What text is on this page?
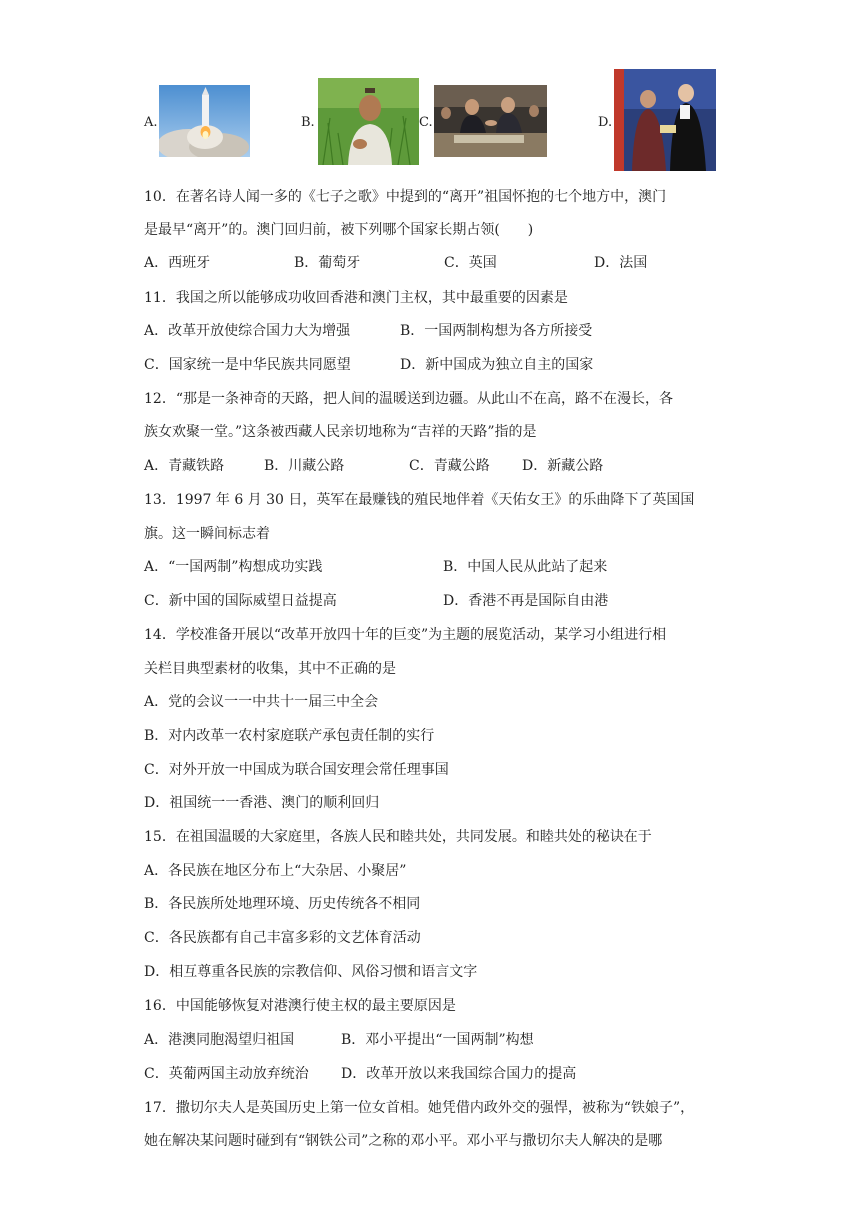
A.	B.	C.	D.
10．在著名诗人闻一多的《七子之歌》中提到的“离开”祖国怀抱的七个地方中，澳门
是最早“离开”的。澳门回归前，被下列哪个国家长期占领(　　)
A．西班牙	B．葡萄牙	C．英国	D．法国
11．我国之所以能够成功收回香港和澳门主权，其中最重要的因素是
A．改革开放使综合国力大为增强	B．一国两制构想为各方所接受
C．国家统一是中华民族共同愿望	D．新中国成为独立自主的国家
12．“那是一条神奇的天路，把人间的温暖送到边疆。从此山不在高，路不在漫长，各
族女欢聚一堂。”这条被西藏人民亲切地称为“吉祥的天路”指的是
A．青藏铁路	B．川藏公路	C．青藏公路 D．新藏公路
13．1997 年 6 月 30 日，英军在最赚钱的殖民地伴着《天佑女王》的乐曲降下了英国国
旗。这一瞬间标志着
A．“一国两制”构想成功实践	B．中国人民从此站了起来
C．新中国的国际威望日益提高	D．香港不再是国际自由港
14．学校准备开展以“改革开放四十年的巨变”为主题的展览活动，某学习小组进行相
关栏目典型素材的收集，其中不正确的是
A．党的会议一一中共十一届三中全会
B．对内改革一农村家庭联产承包责任制的实行
C．对外开放一中国成为联合国安理会常任理事国
D．祖国统一一香港、澳门的顺利回归
15．在祖国温暖的大家庭里，各族人民和睦共处，共同发展。和睦共处的秘诀在于
A．各民族在地区分布上“大杂居、小聚居”
B．各民族所处地理环境、历史传统各不相同
C．各民族都有自己丰富多彩的文艺体育活动
D．相互尊重各民族的宗教信仰、风俗习惯和语言文字
16．中国能够恢复对港澳行使主权的最主要原因是
A．港澳同胞渴望归祖国	B．邓小平提出“一国两制”构想
C．英葡两国主动放弃统治 D．改革开放以来我国综合国力的提高
17．撒切尔夫人是英国历史上第一位女首相。她凭借内政外交的强悍，被称为“铁娘子”，
她在解决某问题时碰到有“钢铁公司”之称的邓小平。邓小平与撒切尔夫人解决的是哪
